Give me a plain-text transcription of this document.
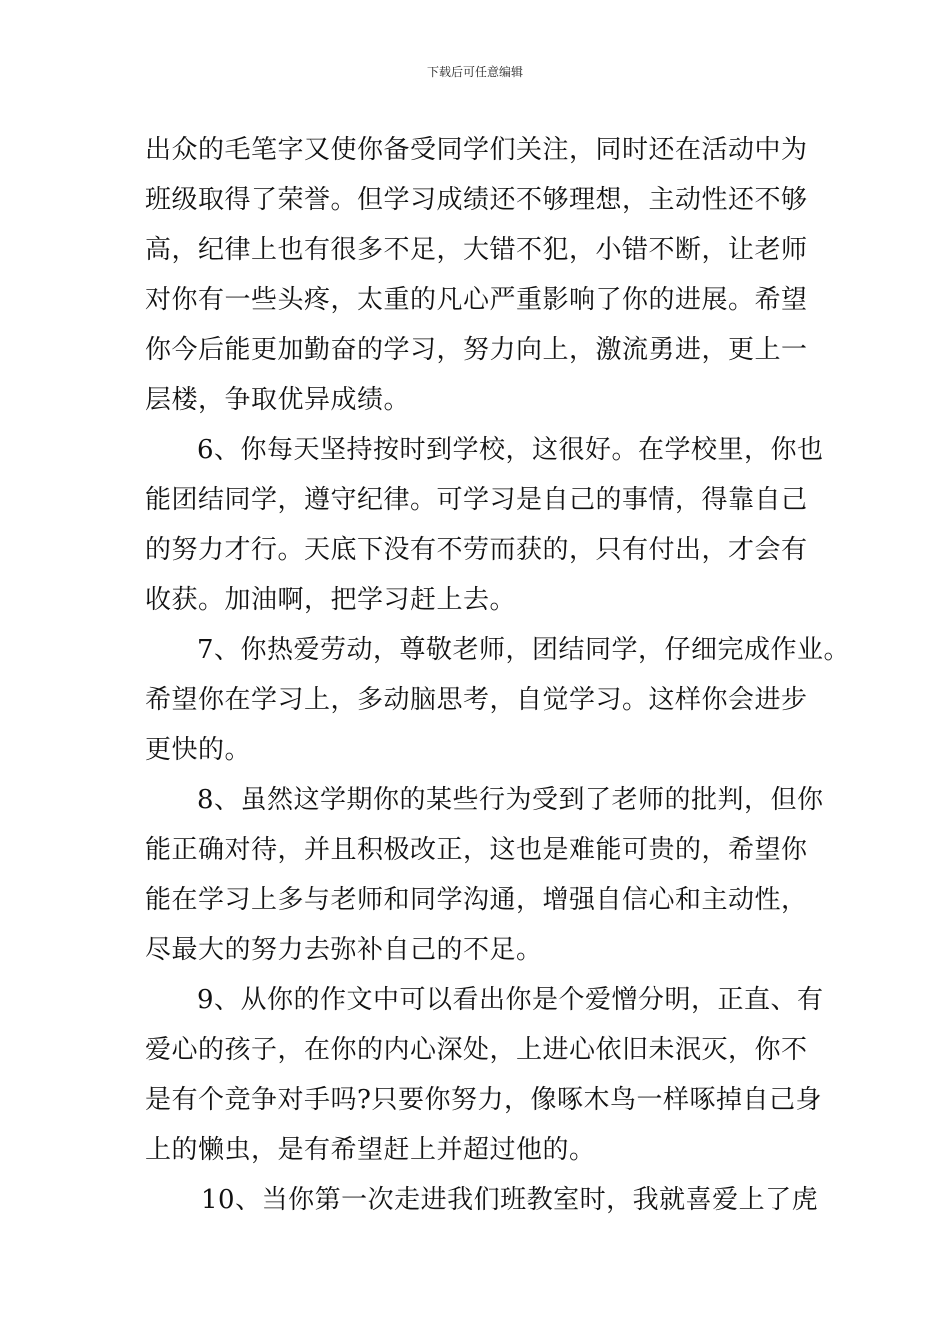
下载后可任意编辑
出众的毛笔字又使你备受同学们关注，同时还在活动中为
班级取得了荣誉。但学习成绩还不够理想，主动性还不够
高，纪律上也有很多不足，大错不犯，小错不断，让老师
对你有一些头疼，太重的凡心严重影响了你的进展。希望
你今后能更加勤奋的学习，努力向上，激流勇进，更上一
层楼，争取优异成绩。
6、你每天坚持按时到学校，这很好。在学校里，你也
能团结同学，遵守纪律。可学习是自己的事情，得靠自己
的努力才行。天底下没有不劳而获的，只有付出，才会有
收获。加油啊，把学习赶上去。
7、你热爱劳动，尊敬老师，团结同学，仔细完成作业。
希望你在学习上，多动脑思考，自觉学习。这样你会进步
更快的。
8、虽然这学期你的某些行为受到了老师的批判，但你
能正确对待，并且积极改正，这也是难能可贵的，希望你
能在学习上多与老师和同学沟通，增强自信心和主动性，
尽最大的努力去弥补自己的不足。
9、从你的作文中可以看出你是个爱憎分明，正直、有
爱心的孩子，在你的内心深处，上进心依旧未泯灭，你不
是有个竞争对手吗?只要你努力，像啄木鸟一样啄掉自己身
上的懒虫，是有希望赶上并超过他的。
10、当你第一次走进我们班教室时，我就喜爱上了虎
